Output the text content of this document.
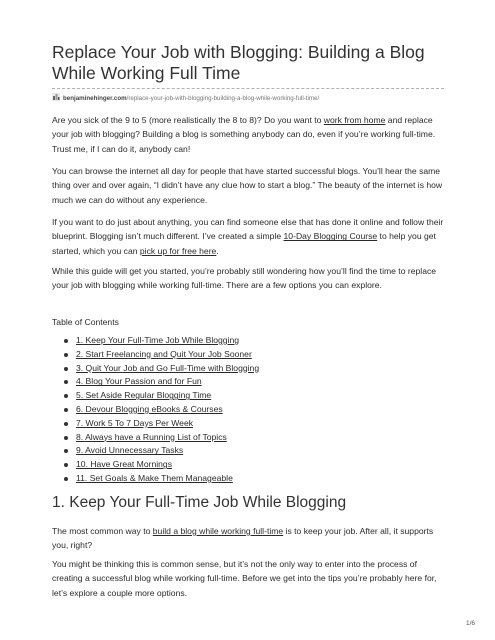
Replace Your Job with Blogging: Building a Blog While Working Full Time
benjaminehinger.com/replace-your-job-with-blogging-building-a-blog-while-working-full-time/

Are you sick of the 9 to 5 (more realistically the 8 to 8)? Do you want to work from home and replace your job with blogging? Building a blog is something anybody can do, even if you’re working full-time. Trust me, if I can do it, anybody can!

You can browse the internet all day for people that have started successful blogs. You’ll hear the same thing over and over again, “I didn’t have any clue how to start a blog.” The beauty of the internet is how much we can do without any experience.

If you want to do just about anything, you can find someone else that has done it online and follow their blueprint. Blogging isn’t much different. I’ve created a simple 10-Day Blogging Course to help you get started, which you can pick up for free here.

While this guide will get you started, you’re probably still wondering how you’ll find the time to replace your job with blogging while working full-time. There are a few options you can explore.

Table of Contents

1. Keep Your Full-Time Job While Blogging
2. Start Freelancing and Quit Your Job Sooner
3. Quit Your Job and Go Full-Time with Blogging
4. Blog Your Passion and for Fun
5. Set Aside Regular Blogging Time
6. Devour Blogging eBooks & Courses
7. Work 5 To 7 Days Per Week
8. Always have a Running List of Topics
9. Avoid Unnecessary Tasks
10. Have Great Mornings
11. Set Goals & Make Them Manageable

The most common way to build a blog while working full-time is to keep your job. After all, it supports you, right?

You might be thinking this is common sense, but it’s not the only way to enter into the process of creating a successful blog while working full-time. Before we get into the tips you’re probably here for, let’s explore a couple more options.

1. Keep Your Full-Time Job While Blogging
1/6
